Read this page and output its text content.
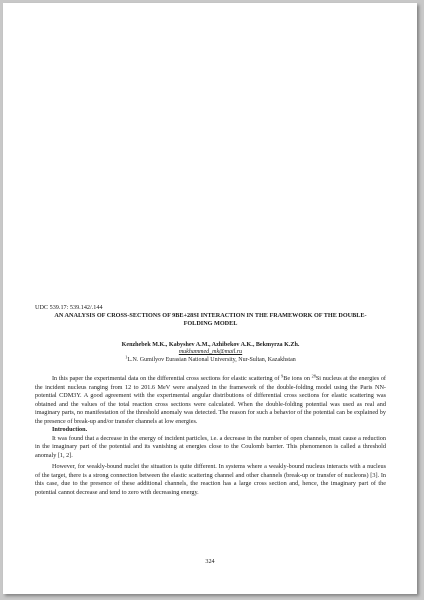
UDC 539.17: 539.142/.144

AN ANALYSIS OF CROSS-SECTIONS OF 9BE+28SI INTERACTION IN THE FRAMEWORK OF THE DOUBLE-FOLDING MODEL

Kenzhebek M.K., Kabyshev A.M., Azhibekov A.K., Bekmyrza K.Zh.

mukhammed_mk@mail.ru

$^1$L.N. Gumilyov Eurasian National University, Nur-Sultan, Kazakhstan

In this paper the experimental data on the differential cross sections for elastic scattering of $^9$Be ions on $^{28}$Si nucleus at the energies of the incident nucleus ranging from 12 to 201.6 MeV were analyzed in the framework of the double-folding model using the Paris NN-potential CDM3Y. A good agreement with the experimental angular distributions of differential cross sections for elastic scattering was obtained and the values of the total reaction cross sections were calculated. When the double-folding potential was used as real and imaginary parts, no manifestation of the threshold anomaly was detected. The reason for such a behavior of the potential can be explained by the presence of break-up and/or transfer channels at low energies.

Introduction.

It was found that a decrease in the energy of incident particles, i.e. a decrease in the number of open channels, must cause a reduction in the imaginary part of the potential and its vanishing at energies close to the Coulomb barrier. This phenomenon is called a threshold anomaly [1, 2].

However, for weakly-bound nuclei the situation is quite different. In systems where a weakly-bound nucleus interacts with a nucleus of the target, there is a strong connection between the elastic scattering channel and other channels (break-up or transfer of nucleons) [3]. In this case, due to the presence of these additional channels, the reaction has a large cross section and, hence, the imaginary part of the potential cannot decrease and tend to zero with decreasing energy.

324
